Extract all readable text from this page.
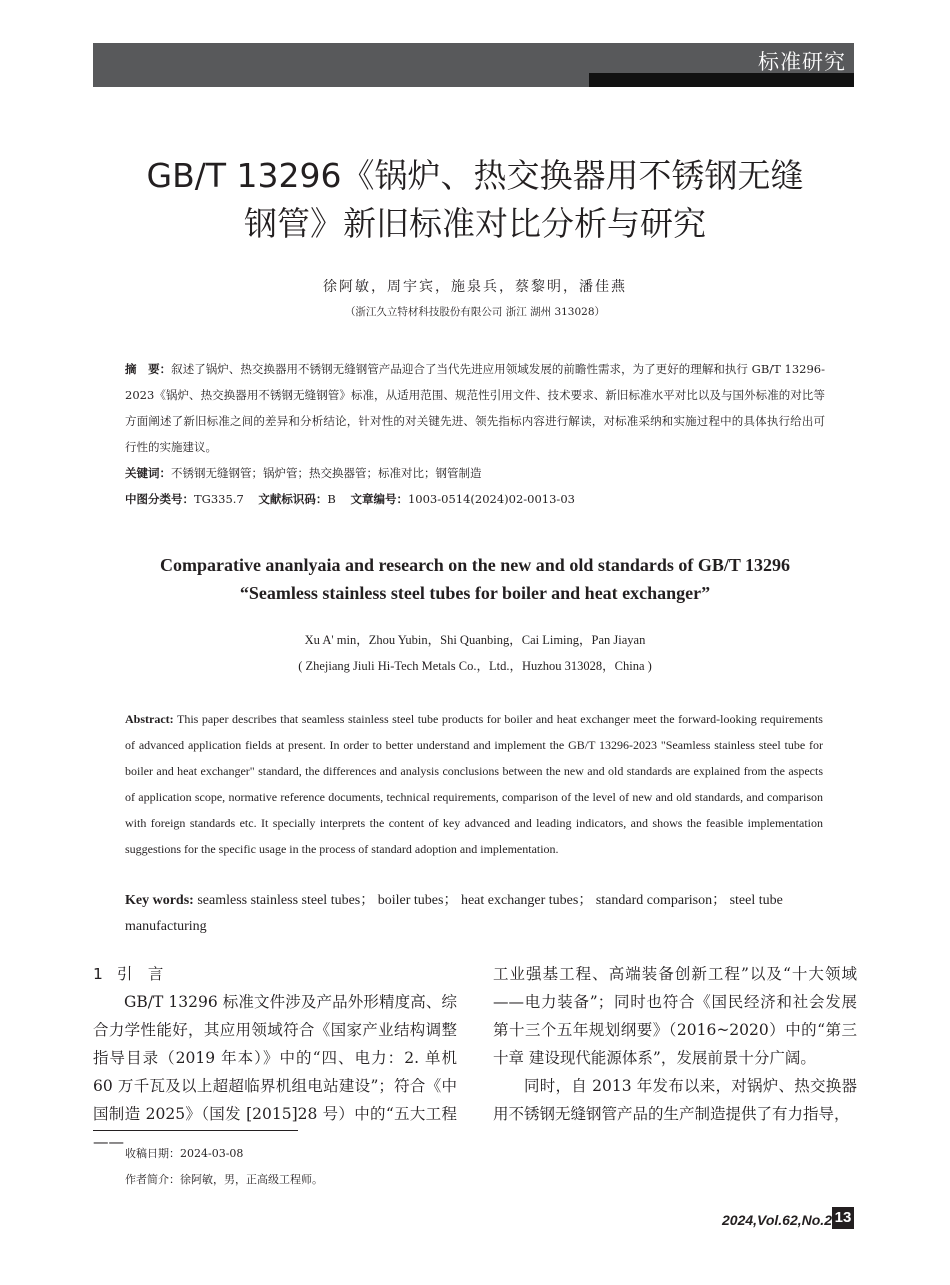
标准研究
GB/T 13296《锅炉、热交换器用不锈钢无缝
钢管》新旧标准对比分析与研究
徐阿敏，周宇宾，施泉兵，蔡黎明，潘佳燕
（浙江久立特材科技股份有限公司 浙江 湖州 313028）

摘　要：叙述了锅炉、热交换器用不锈钢无缝钢管产品迎合了当代先进应用领域发展的前瞻性需求，为了更好的理解和执行 GB/T 13296-2023《锅炉、热交换器用不锈钢无缝钢管》标准，从适用范围、规范性引用文件、技术要求、新旧标准水平对比以及与国外标准的对比等方面阐述了新旧标准之间的差异和分析结论，针对性的对关键先进、领先指标内容进行解读，对标准采纳和实施过程中的具体执行给出可行性的实施建议。

关键词：不锈钢无缝钢管；锅炉管；热交换器管；标准对比；钢管制造

中图分类号：TG335.7 文献标识码：B 文章编号：1003-0514(2024)02-0013-03

Comparative ananlyaia and research on the new and old standards of GB/T 13296
“Seamless stainless steel tubes for boiler and heat exchanger”
Xu A' min，Zhou Yubin，Shi Quanbing，Cai Liming，Pan Jiayan
( Zhejiang Jiuli Hi-Tech Metals Co.，Ltd.，Huzhou 313028，China )

Abstract: This paper describes that seamless stainless steel tube products for boiler and heat exchanger meet the forward-looking requirements of advanced application fields at present. In order to better understand and implement the GB/T 13296-2023 "Seamless stainless steel tube for boiler and heat exchanger" standard, the differences and analysis conclusions between the new and old standards are explained from the aspects of application scope, normative reference documents, technical requirements, comparison of the level of new and old standards, and comparison with foreign standards etc. It specially interprets the content of key advanced and leading indicators, and shows the feasible implementation suggestions for the specific usage in the process of standard adoption and implementation.

Key words: seamless stainless steel tubes； boiler tubes； heat exchanger tubes； standard comparison； steel tube manufacturing

1 引　言

GB/T 13296 标准文件涉及产品外形精度高、综合力学性能好，其应用领域符合《国家产业结构调整指导目录（2019 年本）》中的“四、电力：2. 单机 60 万千瓦及以上超超临界机组电站建设”；符合《中国制造 2025》（国发 [2015]28 号）中的“五大工程——

工业强基工程、高端装备创新工程”以及“十大领域——电力装备”；同时也符合《国民经济和社会发展第十三个五年规划纲要》（2016~2020）中的“第三十章 建设现代能源体系”，发展前景十分广阔。

同时，自 2013 年发布以来，对锅炉、热交换器用不锈钢无缝钢管产品的生产制造提供了有力指导，

收稿日期：2024-03-08
作者简介：徐阿敏，男，正高级工程师。
2024,Vol.62,No.2 13
